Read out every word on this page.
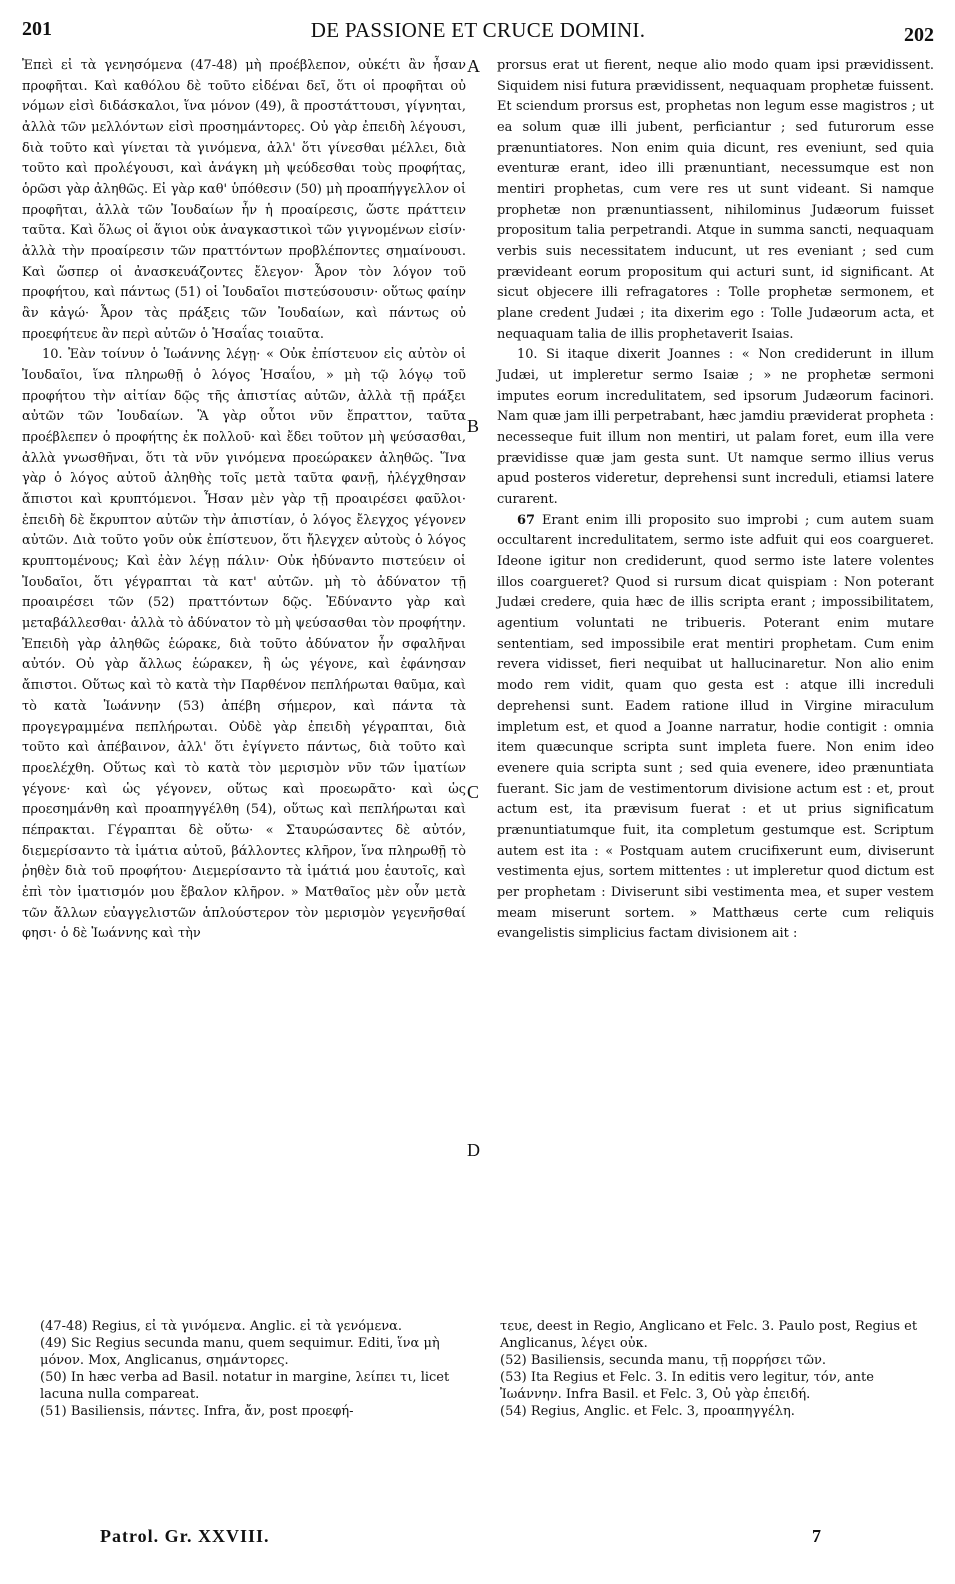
201	DE PASSIONE ET CRUCE DOMINI.	202

Ἐπεὶ εἰ τὰ γενησόμενα (47-48) μὴ προέβλεπον, οὐκέτι ἂν ἦσαν προφῆται. Καὶ καθόλου δὲ τοῦτο εἰδέναι δεῖ, ὅτι οἱ προφῆται οὐ νόμων εἰσὶ διδάσκαλοι, ἵνα μόνον (49), ἃ προστάττουσι, γίγνηται, ἀλλὰ τῶν μελλόντων εἰσὶ προσημάντορες. Οὐ γὰρ ἐπειδὴ λέγουσι, διὰ τοῦτο καὶ γίνεται τὰ γινόμενα, ἀλλ' ὅτι γίνεσθαι μέλλει, διὰ τοῦτο καὶ προλέγουσι, καὶ ἀνάγκη μὴ ψεύδεσθαι τοὺς προφήτας, ὁρῶσι γὰρ ἀληθῶς. Εἰ γὰρ καθ' ὑπόθεσιν (50) μὴ προαπήγγελλον οἱ προφῆται, ἀλλὰ τῶν Ἰουδαίων ἦν ἡ προαίρεσις, ὥστε πράττειν ταῦτα. Καὶ ὅλως οἱ ἅγιοι οὐκ ἀναγκαστικοὶ τῶν γιγνομένων εἰσίν· ἀλλὰ τὴν προαίρεσιν τῶν πραττόντων προβλέποντες σημαίνουσι. Καὶ ὥσπερ οἱ ἀνασκευάζοντες ἔλεγον· Ἆρον τὸν λόγον τοῦ προφήτου, καὶ πάντως (51) οἱ Ἰουδαῖοι πιστεύσουσιν· οὕτως φαίην ἂν κἀγώ· Ἆρον τὰς πράξεις τῶν Ἰουδαίων, καὶ πάντως οὐ προεφήτευε ἂν περὶ αὐτῶν ὁ Ἡσαΐας τοιαῦτα.

10. Ἐὰν τοίνυν ὁ Ἰωάννης λέγῃ· « Οὐκ ἐπίστευον εἰς αὐτὸν οἱ Ἰουδαῖοι, ἵνα πληρωθῇ ὁ λόγος Ἡσαΐου, » μὴ τῷ λόγῳ τοῦ προφήτου τὴν αἰτίαν δῷς τῆς ἀπιστίας αὐτῶν, ἀλλὰ τῇ πράξει αὐτῶν τῶν Ἰουδαίων. Ἃ γὰρ οὗτοι νῦν ἔπραττον, ταῦτα προέβλεπεν ὁ προφήτης ἐκ πολλοῦ· καὶ ἔδει τοῦτον μὴ ψεύσασθαι, ἀλλὰ γνωσθῆναι, ὅτι τὰ νῦν γινόμενα προεώρακεν ἀληθῶς. Ἵνα γὰρ ὁ λόγος αὐτοῦ ἀληθὴς τοῖς μετὰ ταῦτα φανῇ, ἠλέγχθησαν ἄπιστοι καὶ κρυπτόμενοι. Ἦσαν μὲν γὰρ τῇ προαιρέσει φαῦλοι· ἐπειδὴ δὲ ἔκρυπτον αὐτῶν τὴν ἀπιστίαν, ὁ λόγος ἔλεγχος γέγονεν αὐτῶν. Διὰ τοῦτο γοῦν οὐκ ἐπίστευον, ὅτι ἤλεγχεν αὐτοὺς ὁ λόγος κρυπτομένους; Καὶ ἐὰν λέγῃ πάλιν· Οὐκ ἠδύναντο πιστεύειν οἱ Ἰουδαῖοι, ὅτι γέγραπται τὰ κατ' αὐτῶν. μὴ τὸ ἀδύνατον τῇ προαιρέσει τῶν (52) πραττόντων δῷς. Ἐδύναντο γὰρ καὶ μεταβάλλεσθαι· ἀλλὰ τὸ ἀδύνατον τὸ μὴ ψεύσασθαι τὸν προφήτην. Ἐπειδὴ γὰρ ἀληθῶς ἑώρακε, διὰ τοῦτο ἀδύνατον ἦν σφαλῆναι αὐτόν. Οὐ γὰρ ἄλλως ἑώρακεν, ἢ ὡς γέγονε, καὶ ἐφάνησαν ἄπιστοι. Οὕτως καὶ τὸ κατὰ τὴν Παρθένον πεπλήρωται θαῦμα, καὶ τὸ κατὰ Ἰωάννην (53) ἀπέβη σήμερον, καὶ πάντα τὰ προγεγραμμένα πεπλήρωται. Οὐδὲ γὰρ ἐπειδὴ γέγραπται, διὰ τοῦτο καὶ ἀπέβαινον, ἀλλ' ὅτι ἐγίγνετο πάντως, διὰ τοῦτο καὶ προελέχθη. Οὕτως καὶ τὸ κατὰ τὸν μερισμὸν νῦν τῶν ἱματίων γέγονε· καὶ ὡς γέγονεν, οὕτως καὶ προεωρᾶτο· καὶ ὡς προεσημάνθη καὶ προαπηγγέλθη (54), οὕτως καὶ πεπλήρωται καὶ πέπρακται. Γέγραπται δὲ οὕτω· « Σταυρώσαντες δὲ αὐτόν, διεμερίσαντο τὰ ἱμάτια αὐτοῦ, βάλλοντες κλῆρον, ἵνα πληρωθῇ τὸ ῥηθὲν διὰ τοῦ προφήτου· Διεμερίσαντο τὰ ἱμάτιά μου ἑαυτοῖς, καὶ ἐπὶ τὸν ἱματισμόν μου ἔβαλον κλῆρον. » Ματθαῖος μὲν οὖν μετὰ τῶν ἄλλων εὐαγγελιστῶν ἁπλούστερον τὸν μερισμὸν γεγενῆσθαί φησι· ὁ δὲ Ἰωάννης καὶ τὴν

A
B
C
D

prorsus erat ut fierent, neque alio modo quam ipsi prævidissent. Siquidem nisi futura prævidissent, nequaquam prophetæ fuissent. Et sciendum prorsus est, prophetas non legum esse magistros ; ut ea solum quæ illi jubent, perficiantur ; sed futurorum esse prænuntiatores. Non enim quia dicunt, res eveniunt, sed quia eventuræ erant, ideo illi prænuntiant, necessumque est non mentiri prophetas, cum vere res ut sunt videant. Si namque prophetæ non prænuntiassent, nihilominus Judæorum fuisset propositum talia perpetrandi. Atque in summa sancti, nequaquam verbis suis necessitatem inducunt, ut res eveniant ; sed cum prævideant eorum propositum qui acturi sunt, id significant. At sicut objecere illi refragatores : Tolle prophetæ sermonem, et plane credent Judæi ; ita dixerim ego : Tolle Judæorum acta, et nequaquam talia de illis prophetaverit Isaias.

10. Si itaque dixerit Joannes : « Non crediderunt in illum Judæi, ut impleretur sermo Isaiæ ; » ne prophetæ sermoni imputes eorum incredulitatem, sed ipsorum Judæorum facinori. Nam quæ jam illi perpetrabant, hæc jamdiu præviderat propheta : necesseque fuit illum non mentiri, ut palam foret, eum illa vere prævidisse quæ jam gesta sunt. Ut namque sermo illius verus apud posteros videretur, deprehensi sunt increduli, etiamsi latere curarent.

67 Erant enim illi proposito suo improbi ; cum autem suam occultarent incredulitatem, sermo iste adfuit qui eos coargueret. Ideone igitur non crediderunt, quod sermo iste latere volentes illos coargueret? Quod si rursum dicat quispiam : Non poterant Judæi credere, quia hæc de illis scripta erant ; impossibilitatem, agentium voluntati ne tribueris. Poterant enim mutare sententiam, sed impossibile erat mentiri prophetam. Cum enim revera vidisset, fieri nequibat ut hallucinaretur. Non alio enim modo rem vidit, quam quo gesta est : atque illi increduli deprehensi sunt. Eadem ratione illud in Virgine miraculum impletum est, et quod a Joanne narratur, hodie contigit : omnia item quæcunque scripta sunt impleta fuere. Non enim ideo evenere quia scripta sunt ; sed quia evenere, ideo prænuntiata fuerant. Sic jam de vestimentorum divisione actum est : et, prout actum est, ita prævisum fuerat : et ut prius significatum prænuntiatumque fuit, ita completum gestumque est. Scriptum autem est ita : « Postquam autem crucifixerunt eum, diviserunt vestimenta ejus, sortem mittentes : ut impleretur quod dictum est per prophetam : Diviserunt sibi vestimenta mea, et super vestem meam miserunt sortem. » Matthæus certe cum reliquis evangelistis simplicius factam divisionem ait :

(47-48) Regius, εἰ τὰ γινόμενα. Anglic. εἰ τὰ γενόμενα.
(49) Sic Regius secunda manu, quem sequimur. Editi, ἵνα μὴ μόνον. Mox, Anglicanus, σημάντορες.
(50) In hæc verba ad Basil. notatur in margine, λείπει τι, licet lacuna nulla compareat.
(51) Basiliensis, πάντες. Infra, ἄν, post προεφή-
τευε, deest in Regio, Anglicano et Felc. 3. Paulo post, Regius et Anglicanus, λέγει οὐκ.
(52) Basiliensis, secunda manu, τῇ πορρήσει τῶν.
(53) Ita Regius et Felc. 3. In editis vero legitur, τόν, ante Ἰωάννην. Infra Basil. et Felc. 3, Οὐ γὰρ ἐπειδή.
(54) Regius, Anglic. et Felc. 3, προαπηγγέλη.
Patrol. Gr. XXVIII.	7
